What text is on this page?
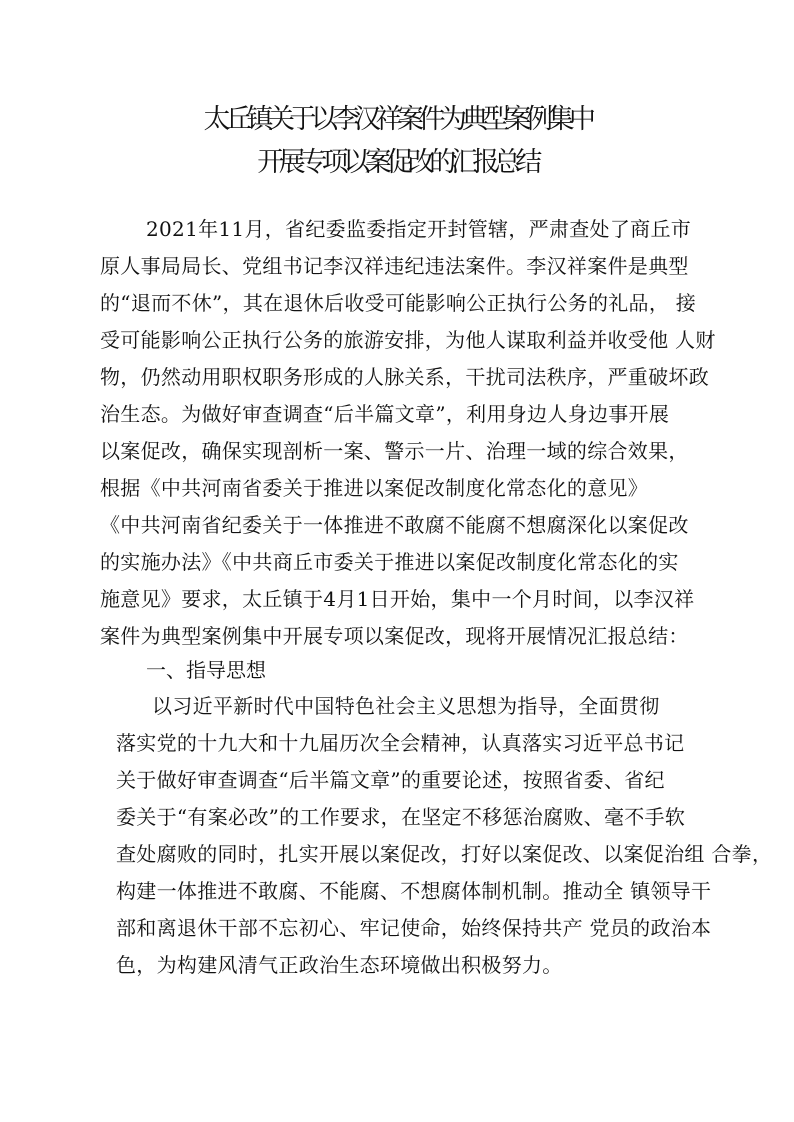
太丘镇关于以李汉祥案件为典型案例集中
开展专项以案促改的汇报总结
2021年11月，省纪委监委指定开封管辖，严肃查处了商丘市
原人事局局长、党组书记李汉祥违纪违法案件。李汉祥案件是典型
的“退而不休”，其在退休后收受可能影响公正执行公务的礼品， 接
受可能影响公正执行公务的旅游安排，为他人谋取利益并收受他 人财
物，仍然动用职权职务形成的人脉关系，干扰司法秩序，严重破坏政
治生态。为做好审查调查“后半篇文章”，利用身边人身边事开展
以案促改，确保实现剖析一案、警示一片、治理一域的综合效果，
根据《中共河南省委关于推进以案促改制度化常态化的意见》
《中共河南省纪委关于一体推进不敢腐不能腐不想腐深化以案促改
的实施办法》《中共商丘市委关于推进以案促改制度化常态化的实
施意见》要求，太丘镇于4月1日开始，集中一个月时间，以李汉祥
案件为典型案例集中开展专项以案促改，现将开展情况汇报总结：
一、指导思想
以习近平新时代中国特色社会主义思想为指导，全面贯彻
落实党的十九大和十九届历次全会精神，认真落实习近平总书记
关于做好审查调查“后半篇文章”的重要论述，按照省委、省纪
委关于“有案必改”的工作要求，在坚定不移惩治腐败、毫不手软
查处腐败的同时，扎实开展以案促改，打好以案促改、以案促治组 合拳，
构建一体推进不敢腐、不能腐、不想腐体制机制。推动全 镇领导干
部和离退休干部不忘初心、牢记使命，始终保持共产 党员的政治本
色，为构建风清气正政治生态环境做出积极努力。
